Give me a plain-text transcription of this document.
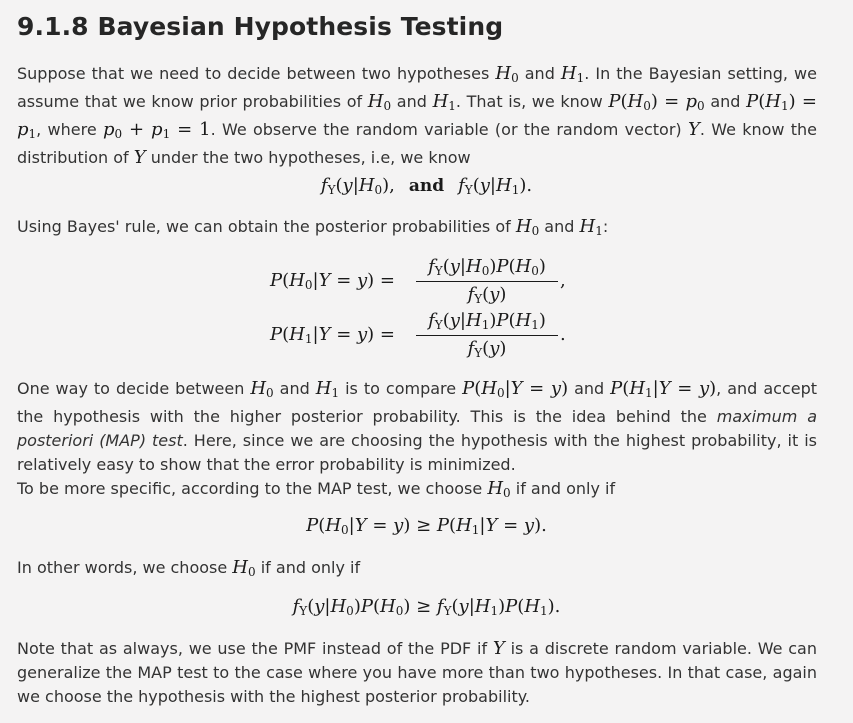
9.1.8 Bayesian Hypothesis Testing

Suppose that we need to decide between two hypotheses $H_0$ and $H_1$. In the Bayesian setting, we assume that we know prior probabilities of $H_0$ and $H_1$. That is, we know $P(H_0) = p_0$ and $P(H_1) = p_1$, where $p_0 + p_1 = 1$. We observe the random variable (or the random vector) Y. We know the distribution of Y under the two hypotheses, i.e, we know

$f_Y(y|H_0)$, and $f_Y(y|H_1)$.

Using Bayes' rule, we can obtain the posterior probabilities of $H_0$ and $H_1$:

$P(H_0|Y = y)$ =
$f_Y(y|H_0)P(H_0)$
$f_Y(y)$
,
$P(H_1|Y = y)$ =
$f_Y(y|H_1)P(H_1)$
$f_Y(y)$
.

One way to decide between $H_0$ and $H_1$ is to compare $P(H_0|Y = y)$ and $P(H_1|Y = y)$, and accept the hypothesis with the higher posterior probability. This is the idea behind the maximum a posteriori (MAP) test. Here, since we are choosing the hypothesis with the highest probability, it is relatively easy to show that the error probability is minimized.
To be more specific, according to the MAP test, we choose $H_0$ if and only if

$P(H_0|Y = y) \ge P(H_1|Y = y)$.

In other words, we choose $H_0$ if and only if

$f_Y(y|H_0)P(H_0) \ge f_Y(y|H_1)P(H_1)$.

Note that as always, we use the PMF instead of the PDF if Y is a discrete random variable. We can generalize the MAP test to the case where you have more than two hypotheses. In that case, again we choose the hypothesis with the highest posterior probability.
